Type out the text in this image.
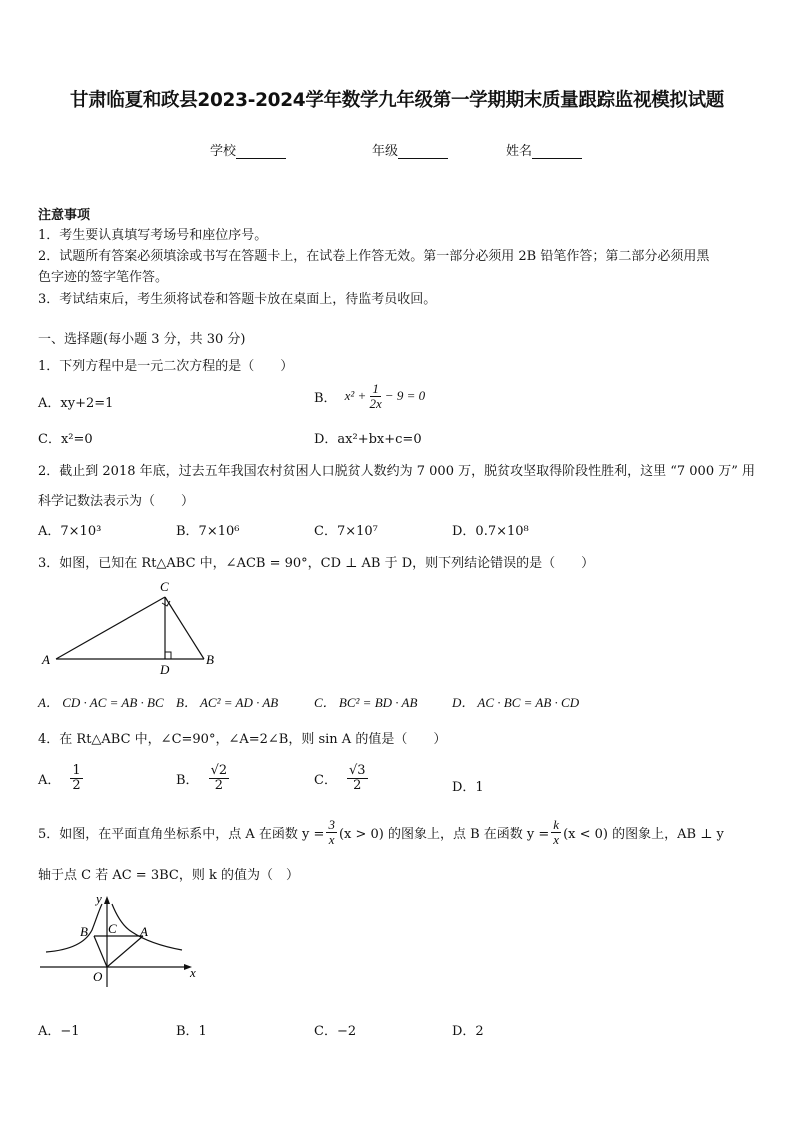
甘肃临夏和政县2023-2024学年数学九年级第一学期期末质量跟踪监视模拟试题
学校	年级	姓名
注意事项
1．考生要认真填写考场号和座位序号。
2．试题所有答案必须填涂或书写在答题卡上，在试卷上作答无效。第一部分必须用 2B 铅笔作答；第二部分必须用黑
色字迹的签字笔作答。
3．考试结束后，考生须将试卷和答题卡放在桌面上，待监考员收回。
一、选择题(每小题 3 分，共 30 分)
1．下列方程中是一元二次方程的是（　　）
A．xy+2=1	B． $x^2 + \frac{1}{2x} - 9 = 0$
C．x²=0	D．ax²+bx+c=0
2．截止到 2018 年底，过去五年我国农村贫困人口脱贫人数约为 7 000 万，脱贫攻坚取得阶段性胜利，这里 “7 000 万” 用
科学记数法表示为（　　）
A．7×10³	B．7×10⁶	C．7×10⁷	D．0.7×10⁸
3．如图，已知在 Rt△ABC 中，∠ACB = 90°，CD ⊥ AB 于 D，则下列结论错误的是（　　）
A	B
C
D
A． CD · AC = AB · BC B． AC² = AD · AB	C． BC² = BD · AB	D． AC · BC = AB · CD
4．在 Rt△ABC 中，∠C=90°，∠A=2∠B，则 sin A 的值是（　　）
A． $\frac{1}{2}$	B． $\frac{√2}{2}$	C． $\frac{√3}{2}$	D．1
5．如图，在平面直角坐标系中，点 A 在函数 $y = \frac{3}{x} (x > 0)$ 的图象上，点 B 在函数 $y = \frac{k}{x} (x < 0)$ 的图象上，AB ⊥ y
轴于点 C 若 AC = 3BC，则 k 的值为（　）
y
x
O
A
B C
A．−1	B．1	C．−2	D．2
